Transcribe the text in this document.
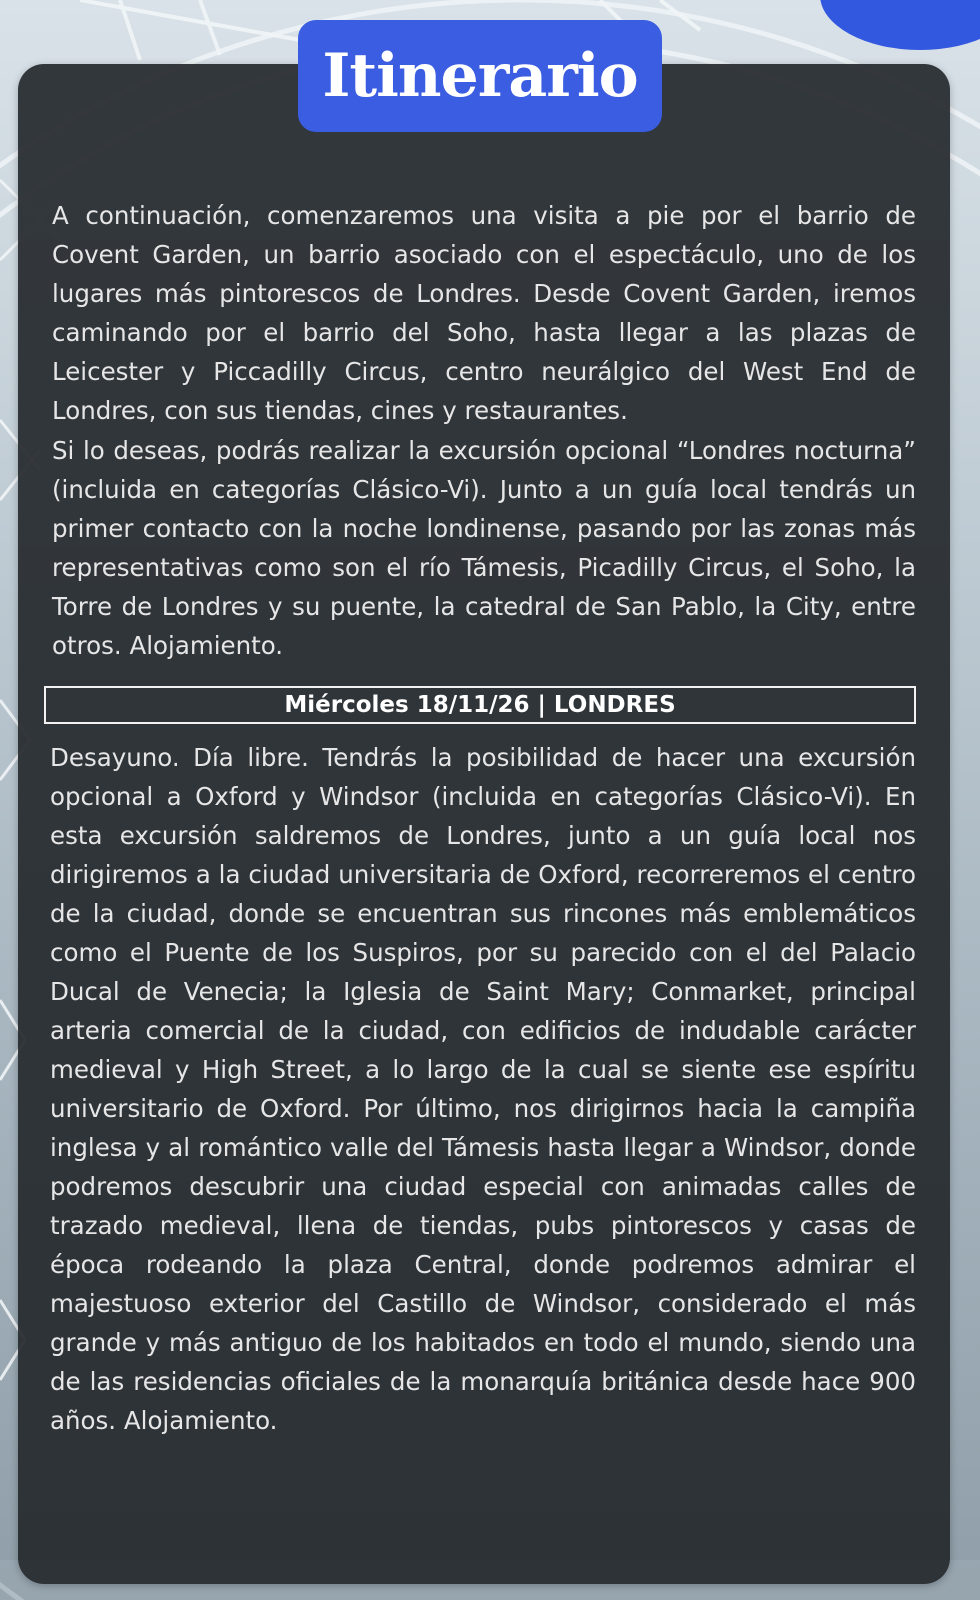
Itinerario

A continuación, comenzaremos una visita a pie por el barrio de Covent Garden, un barrio asociado con el espectáculo, uno de los lugares más pintorescos de Londres. Desde Covent Garden, iremos caminando por el barrio del Soho, hasta llegar a las plazas de Leicester y Piccadilly Circus, centro neurálgico del West End de Londres, con sus tiendas, cines y restaurantes.

Si lo deseas, podrás realizar la excursión opcional “Londres nocturna” (incluida en categorías Clásico-Vi). Junto a un guía local tendrás un primer contacto con la noche londinense, pasando por las zonas más representativas como son el río Támesis, Picadilly Circus, el Soho, la Torre de Londres y su puente, la catedral de San Pablo, la City, entre otros. Alojamiento.

Miércoles 18/11/26 | LONDRES

Desayuno. Día libre. Tendrás la posibilidad de hacer una excursión opcional a Oxford y Windsor (incluida en categorías Clásico-Vi). En esta excursión saldremos de Londres, junto a un guía local nos dirigiremos a la ciudad universitaria de Oxford, recorreremos el centro de la ciudad, donde se encuentran sus rincones más emblemáticos como el Puente de los Suspiros, por su parecido con el del Palacio Ducal de Venecia; la Iglesia de Saint Mary; Conmarket, principal arteria comercial de la ciudad, con edificios de indudable carácter medieval y High Street, a lo largo de la cual se siente ese espíritu universitario de Oxford. Por último, nos dirigirnos hacia la campiña inglesa y al romántico valle del Támesis hasta llegar a Windsor, donde podremos descubrir una ciudad especial con animadas calles de trazado medieval, llena de tiendas, pubs pintorescos y casas de época rodeando la plaza Central, donde podremos admirar el majestuoso exterior del Castillo de Windsor, considerado el más grande y más antiguo de los habitados en todo el mundo, siendo una de las residencias oficiales de la monarquía británica desde hace 900 años. Alojamiento.
